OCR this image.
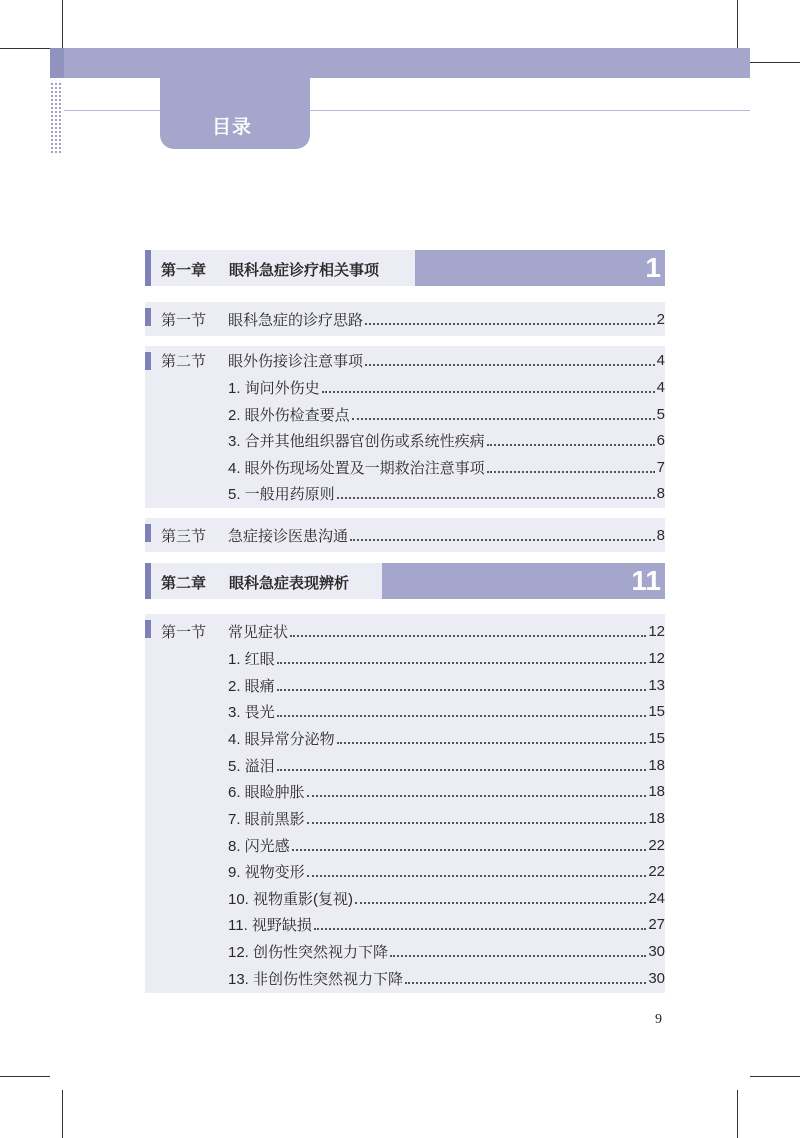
目录
第一章 眼科急症诊疗相关事项	1
第一节 眼科急症的诊疗思路	2
第二节 眼外伤接诊注意事项	4
1. 询问外伤史	4
2. 眼外伤检查要点	5
3. 合并其他组织器官创伤或系统性疾病	6
4. 眼外伤现场处置及一期救治注意事项	7
5. 一般用药原则	8
第三节 急症接诊医患沟通	8
第二章 眼科急症表现辨析	11
第一节 常见症状	12
1. 红眼	12
2. 眼痛	13
3. 畏光	15
4. 眼异常分泌物	15
5. 溢泪	18
6. 眼睑肿胀	18
7. 眼前黑影	18
8. 闪光感	22
9. 视物变形	22
10. 视物重影(复视)	24
11. 视野缺损	27
12. 创伤性突然视力下降	30
13. 非创伤性突然视力下降	30
9
